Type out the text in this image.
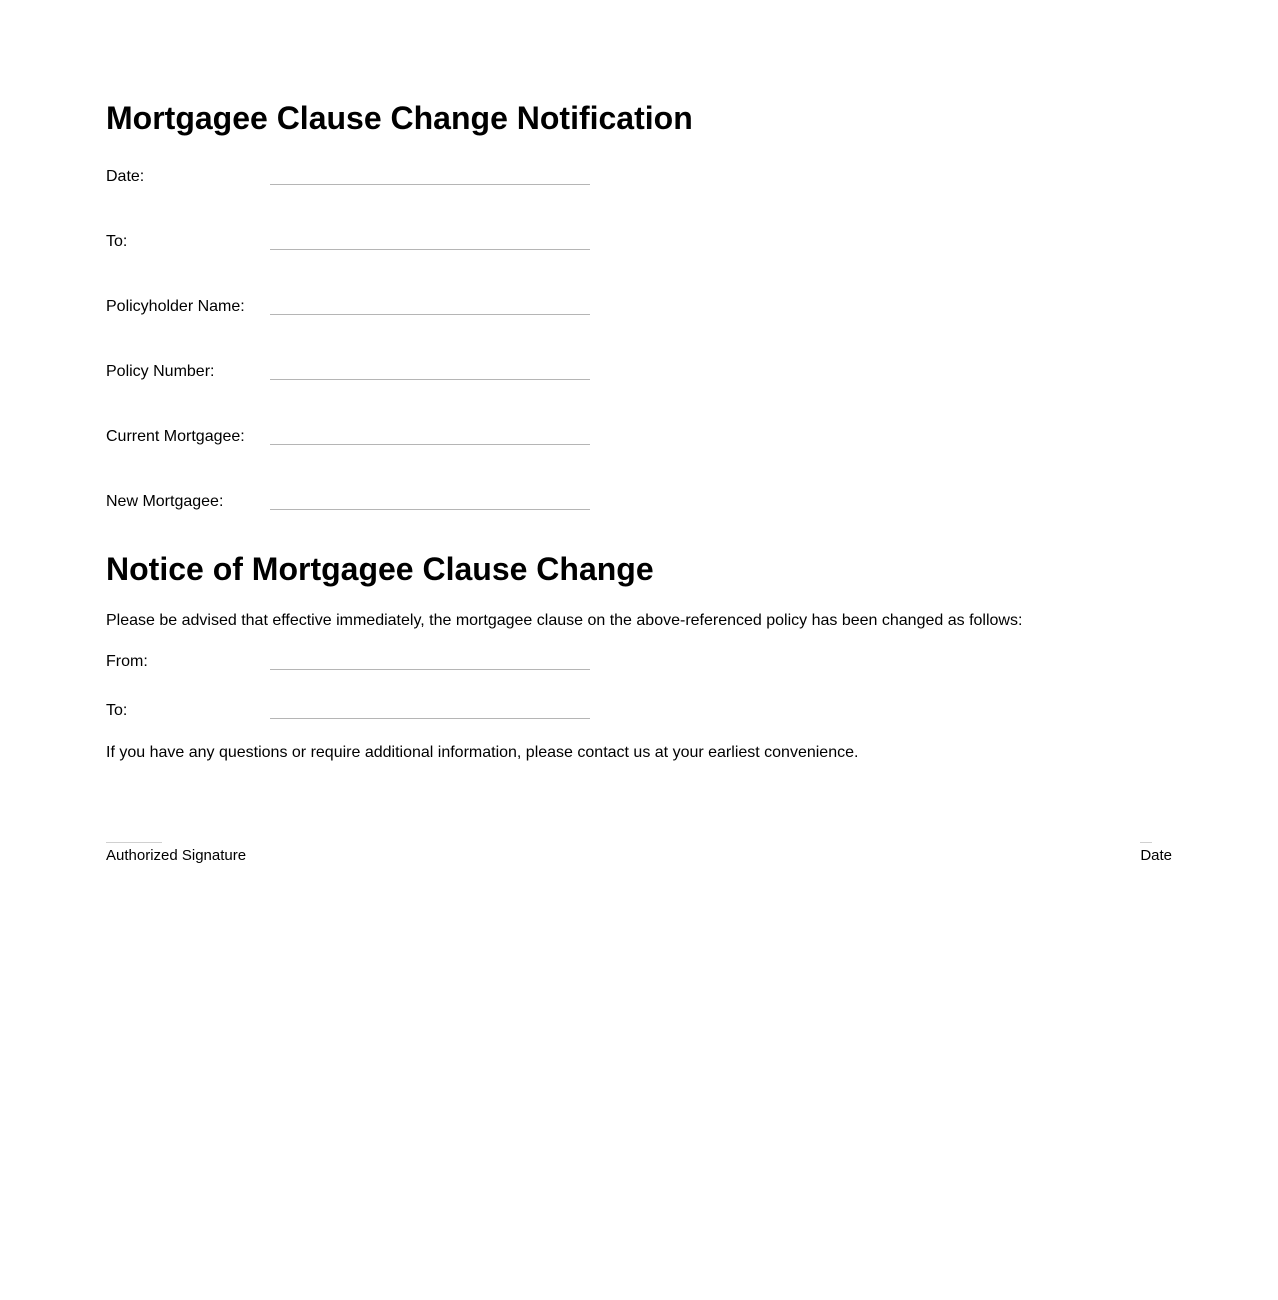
Mortgagee Clause Change Notification
Date:
To:
Policyholder Name:
Policy Number:
Current Mortgagee:
New Mortgagee:
Notice of Mortgagee Clause Change

Please be advised that effective immediately, the mortgagee clause on the above-referenced policy has been changed as follows:

From:
To:

If you have any questions or require additional information, please contact us at your earliest convenience.

Authorized Signature	Date
